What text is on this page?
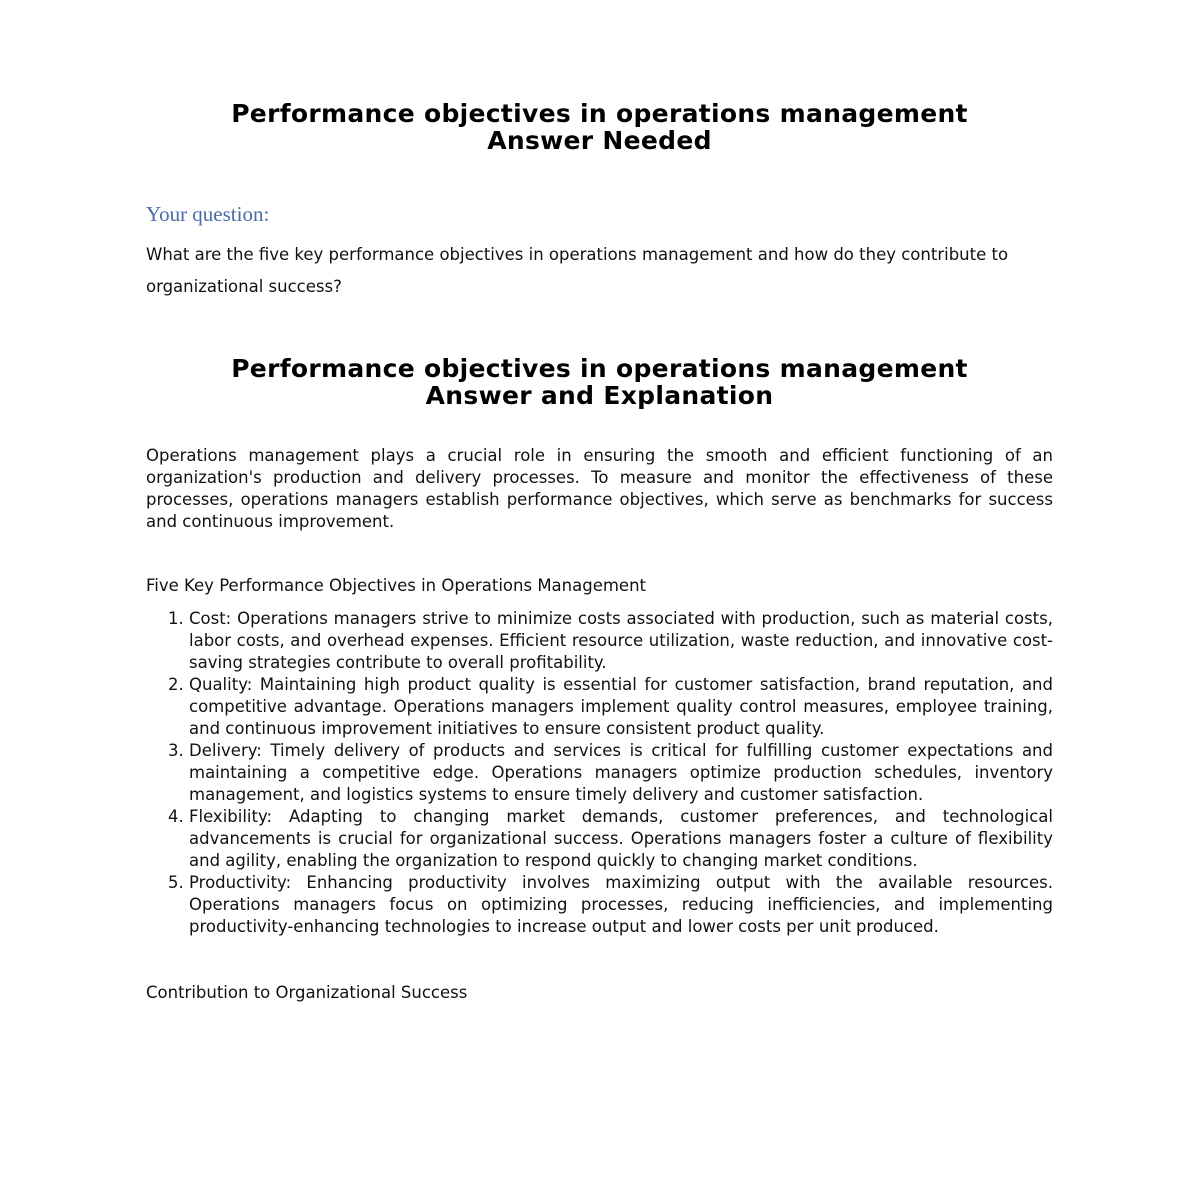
Performance objectives in operations management
Answer Needed
Your question:

What are the five key performance objectives in operations management and how do they contribute to organizational success?

Performance objectives in operations management
Answer and Explanation

Operations management plays a crucial role in ensuring the smooth and efficient functioning of an organization's production and delivery processes. To measure and monitor the effectiveness of these processes, operations managers establish performance objectives, which serve as benchmarks for success and continuous improvement.

Five Key Performance Objectives in Operations Management

1. Cost: Operations managers strive to minimize costs associated with production, such as material costs, labor costs, and overhead expenses. Efficient resource utilization, waste reduction, and innovative cost-saving strategies contribute to overall profitability.
2. Quality: Maintaining high product quality is essential for customer satisfaction, brand reputation, and competitive advantage. Operations managers implement quality control measures, employee training, and continuous improvement initiatives to ensure consistent product quality.
3. Delivery: Timely delivery of products and services is critical for fulfilling customer expectations and maintaining a competitive edge. Operations managers optimize production schedules, inventory management, and logistics systems to ensure timely delivery and customer satisfaction.
4. Flexibility: Adapting to changing market demands, customer preferences, and technological advancements is crucial for organizational success. Operations managers foster a culture of flexibility and agility, enabling the organization to respond quickly to changing market conditions.
5. Productivity: Enhancing productivity involves maximizing output with the available resources. Operations managers focus on optimizing processes, reducing inefficiencies, and implementing productivity-enhancing technologies to increase output and lower costs per unit produced.

Contribution to Organizational Success
